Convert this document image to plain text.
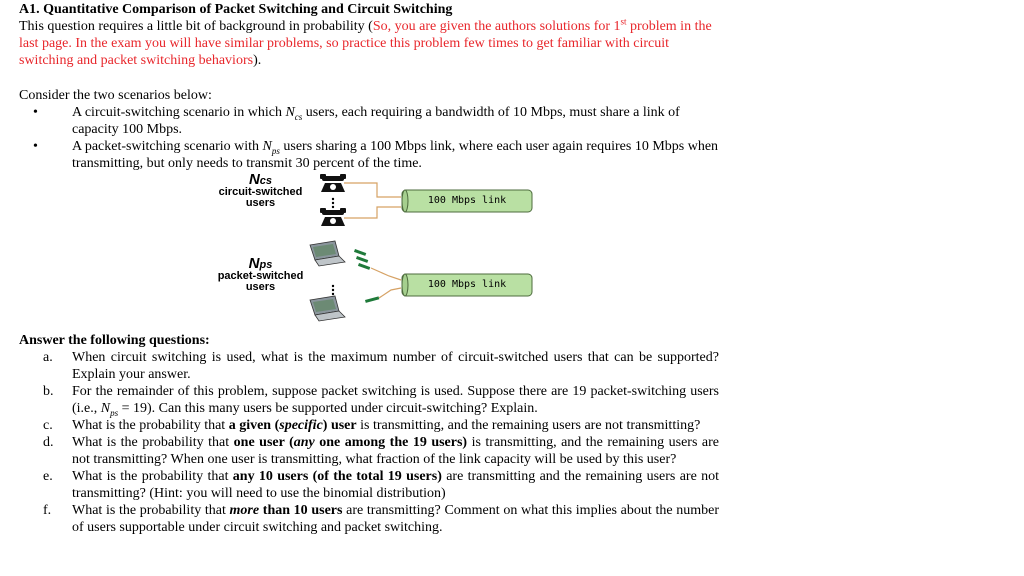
A1. Quantitative Comparison of Packet Switching and Circuit Switching

This question requires a little bit of background in probability (So, you are given the authors solutions for 1st problem in the last page. In the exam you will have similar problems, so practice this problem few times to get familiar with circuit switching and packet switching behaviors).

Consider the two scenarios below:

• A circuit-switching scenario in which $N_{cs}$ users, each requiring a bandwidth of 10 Mbps, must share a link of capacity 100 Mbps.
• A packet-switching scenario with $N_{ps}$ users sharing a 100 Mbps link, where each user again requires 10 Mbps when transmitting, but only needs to transmit 30 percent of the time.
Ncs
circuit-switched
users	100 Mbps link
Nps
packet-switched
users	100 Mbps link

Answer the following questions:

a. When circuit switching is used, what is the maximum number of circuit-switched users that can be supported? Explain your answer.
b. For the remainder of this problem, suppose packet switching is used. Suppose there are 19 packet-switching users (i.e., $N_{ps} = 19$). Can this many users be supported under circuit-switching? Explain.
c. What is the probability that a given (specific) user is transmitting, and the remaining users are not transmitting?
d. What is the probability that one user (any one among the 19 users) is transmitting, and the remaining users are not transmitting? When one user is transmitting, what fraction of the link capacity will be used by this user?
e. What is the probability that any 10 users (of the total 19 users) are transmitting and the remaining users are not transmitting? (Hint: you will need to use the binomial distribution)
f. What is the probability that more than 10 users are transmitting? Comment on what this implies about the number of users supportable under circuit switching and packet switching.
